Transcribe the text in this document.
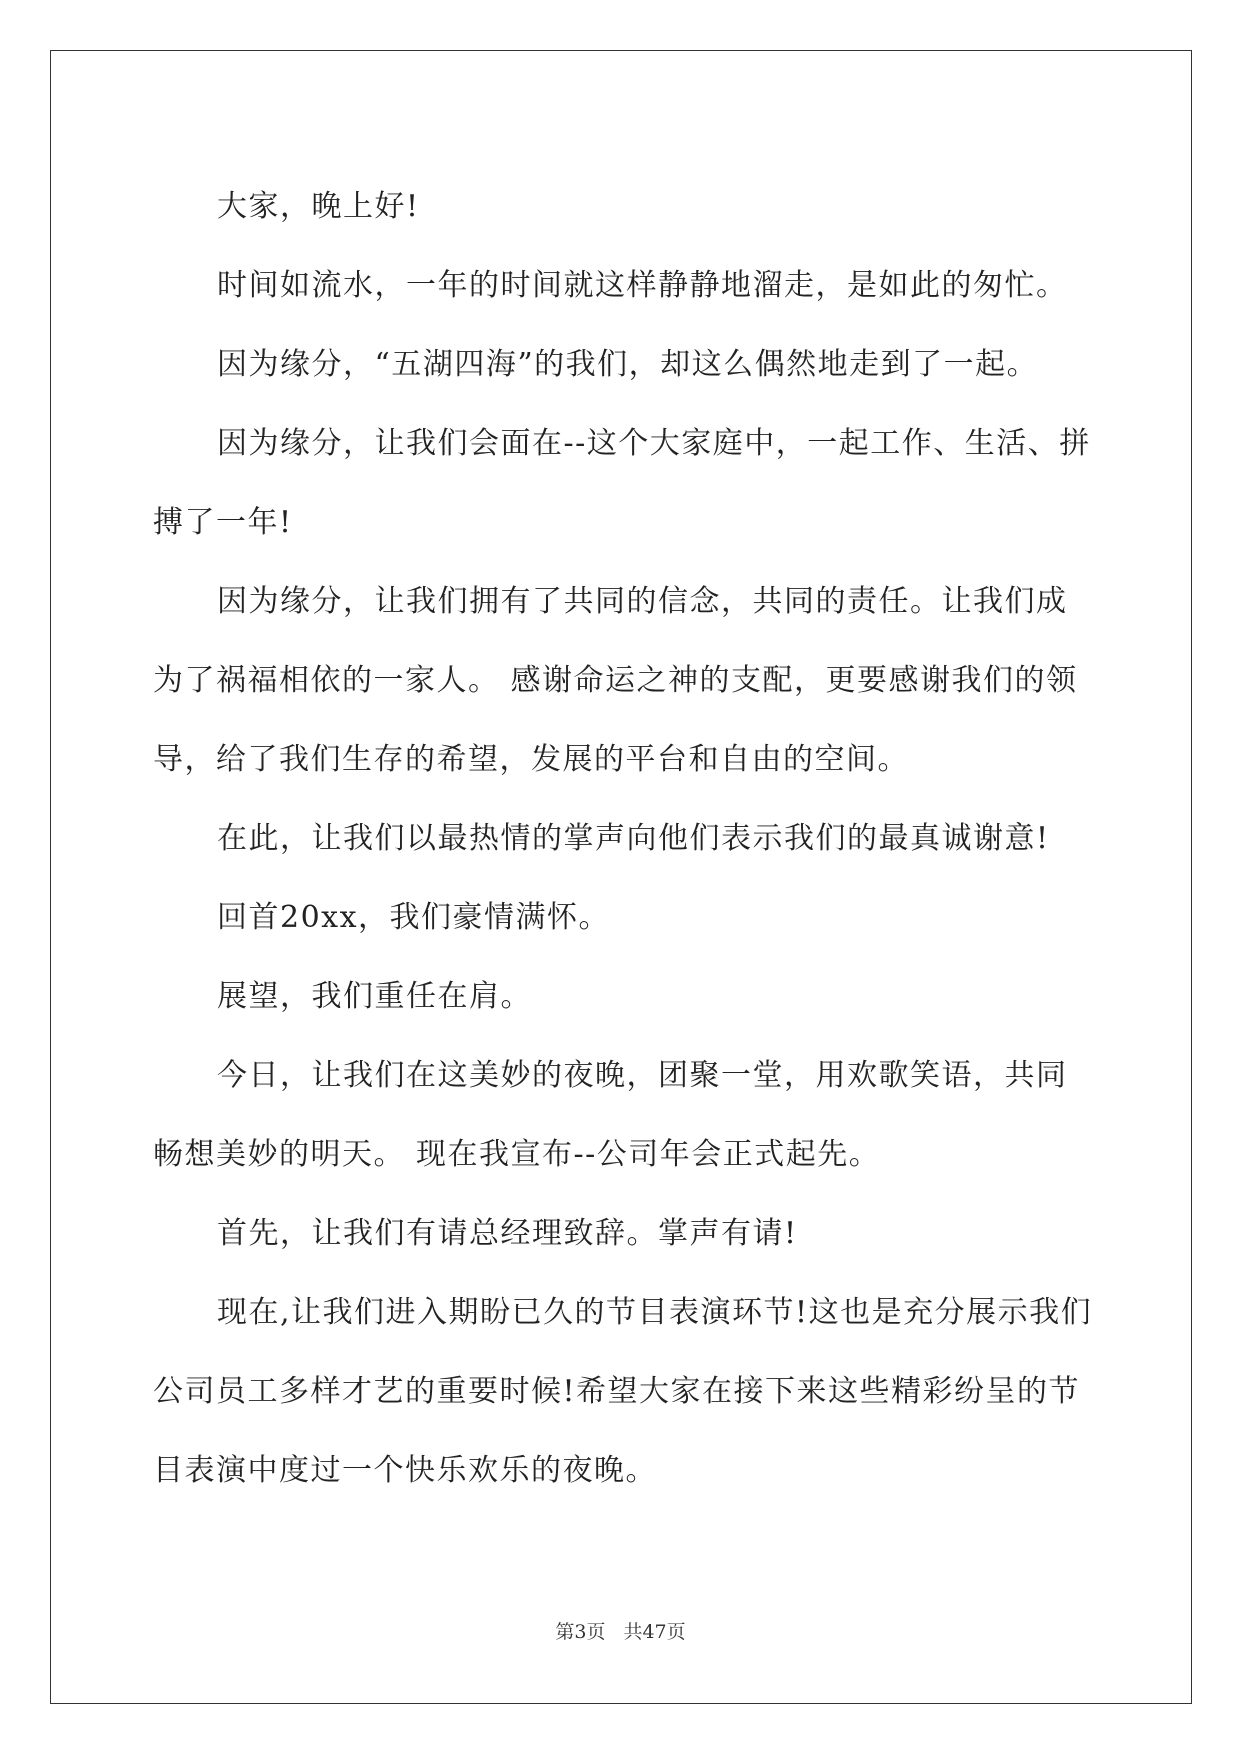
大家，晚上好!

时间如流水，一年的时间就这样静静地溜走，是如此的匆忙。

因为缘分，“五湖四海”的我们，却这么偶然地走到了一起。

因为缘分，让我们会面在--这个大家庭中，一起工作、生活、拼搏了一年!

因为缘分，让我们拥有了共同的信念，共同的责任。让我们成为了祸福相依的一家人。 感谢命运之神的支配，更要感谢我们的领导，给了我们生存的希望，发展的平台和自由的空间。

在此，让我们以最热情的掌声向他们表示我们的最真诚谢意!

回首20xx，我们豪情满怀。

展望，我们重任在肩。

今日，让我们在这美妙的夜晚，团聚一堂，用欢歌笑语，共同畅想美妙的明天。 现在我宣布--公司年会正式起先。

首先，让我们有请总经理致辞。掌声有请!

现在,让我们进入期盼已久的节目表演环节!这也是充分展示我们公司员工多样才艺的重要时候!希望大家在接下来这些精彩纷呈的节目表演中度过一个快乐欢乐的夜晚。

第3页 共47页
